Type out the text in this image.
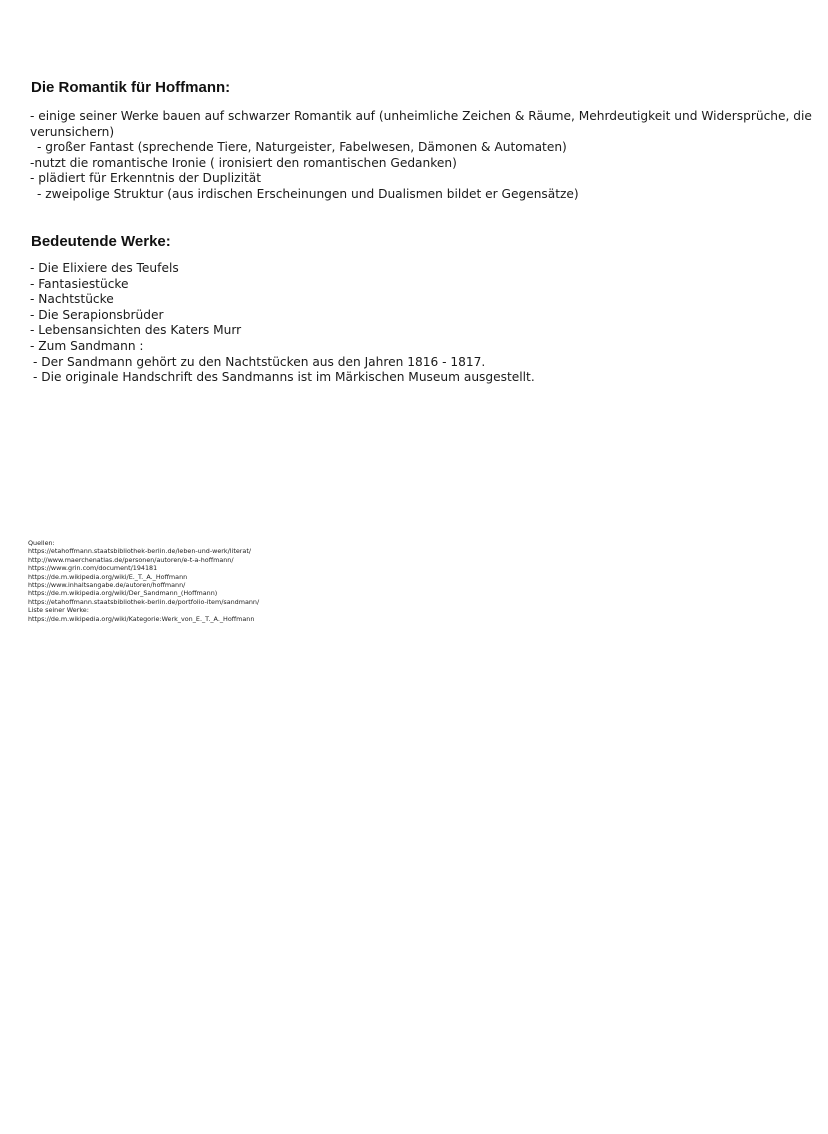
Die Romantik für Hoffmann:
- einige seiner Werke bauen auf schwarzer Romantik auf (unheimliche Zeichen & Räume, Mehrdeutigkeit und Widersprüche, die
verunsichern)
- großer Fantast (sprechende Tiere, Naturgeister, Fabelwesen, Dämonen & Automaten)
-nutzt die romantische Ironie ( ironisiert den romantischen Gedanken)
- plädiert für Erkenntnis der Duplizität
- zweipolige Struktur (aus irdischen Erscheinungen und Dualismen bildet er Gegensätze)
Bedeutende Werke:
- Die Elixiere des Teufels
- Fantasiestücke
- Nachtstücke
- Die Serapionsbrüder
- Lebensansichten des Katers Murr
- Zum Sandmann :
- Der Sandmann gehört zu den Nachtstücken aus den Jahren 1816 - 1817.
- Die originale Handschrift des Sandmanns ist im Märkischen Museum ausgestellt.
Quellen:
https://etahoffmann.staatsbibliothek-berlin.de/leben-und-werk/literat/
http://www.maerchenatlas.de/personen/autoren/e-t-a-hoffmann/
https://www.grin.com/document/194181
https://de.m.wikipedia.org/wiki/E._T._A._Hoffmann
https://www.inhaltsangabe.de/autoren/hoffmann/
https://de.m.wikipedia.org/wiki/Der_Sandmann_(Hoffmann)
https://etahoffmann.staatsbibliothek-berlin.de/portfolio-item/sandmann/
Liste seiner Werke:
https://de.m.wikipedia.org/wiki/Kategorie:Werk_von_E._T._A._Hoffmann
